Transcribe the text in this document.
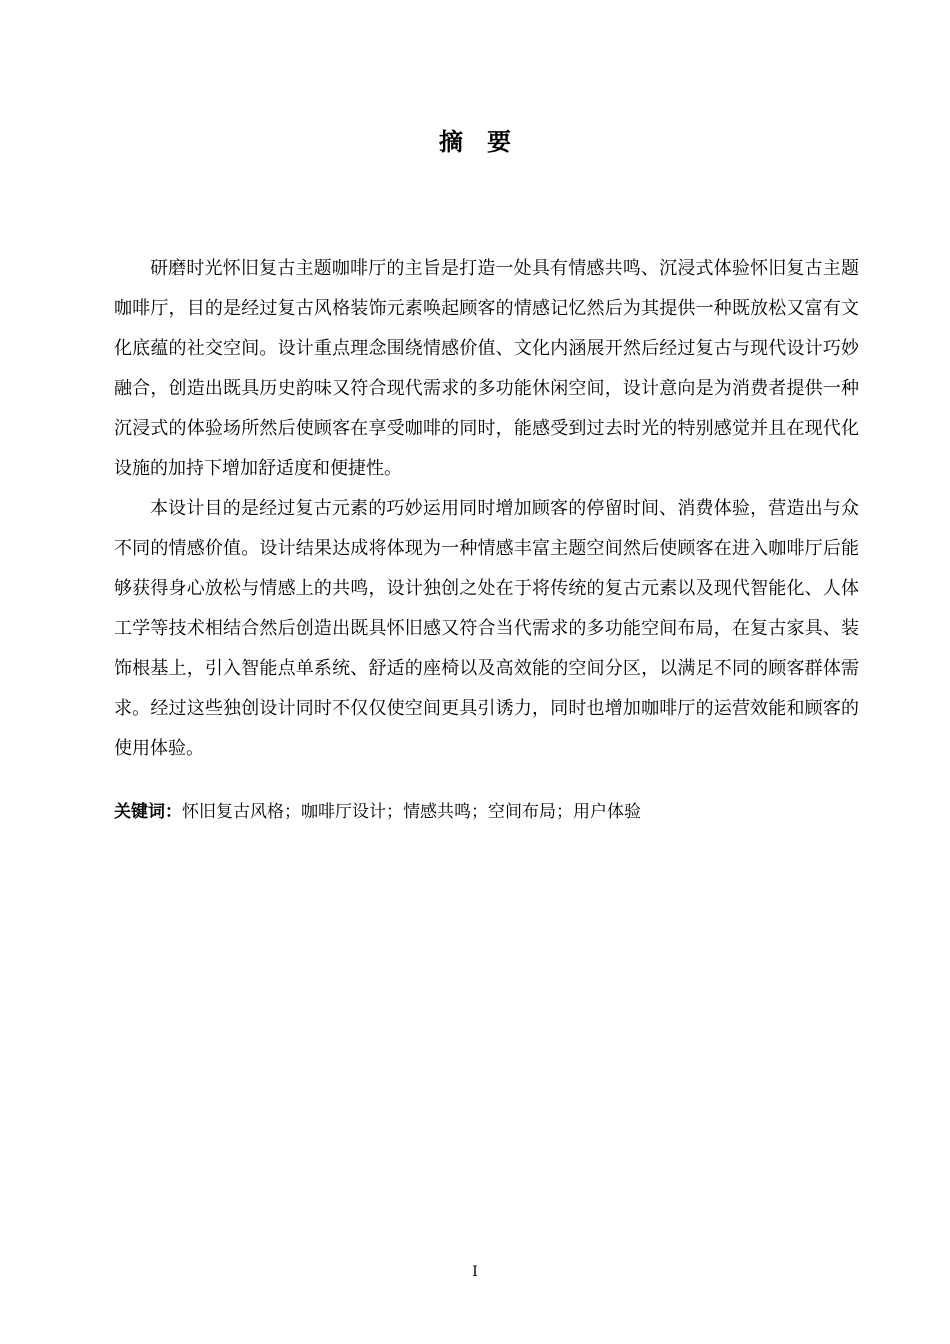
摘要

研磨时光怀旧复古主题咖啡厅的主旨是打造一处具有情感共鸣、沉浸式体验怀旧复古主题咖啡厅，目的是经过复古风格装饰元素唤起顾客的情感记忆然后为其提供一种既放松又富有文化底蕴的社交空间。设计重点理念围绕情感价值、文化内涵展开然后经过复古与现代设计巧妙融合，创造出既具历史韵味又符合现代需求的多功能休闲空间，设计意向是为消费者提供一种沉浸式的体验场所然后使顾客在享受咖啡的同时，能感受到过去时光的特别感觉并且在现代化设施的加持下增加舒适度和便捷性。

本设计目的是经过复古元素的巧妙运用同时增加顾客的停留时间、消费体验，营造出与众不同的情感价值。设计结果达成将体现为一种情感丰富主题空间然后使顾客在进入咖啡厅后能够获得身心放松与情感上的共鸣，设计独创之处在于将传统的复古元素以及现代智能化、人体工学等技术相结合然后创造出既具怀旧感又符合当代需求的多功能空间布局，在复古家具、装饰根基上，引入智能点单系统、舒适的座椅以及高效能的空间分区，以满足不同的顾客群体需求。经过这些独创设计同时不仅仅使空间更具引诱力，同时也增加咖啡厅的运营效能和顾客的使用体验。

关键词：怀旧复古风格；咖啡厅设计；情感共鸣；空间布局；用户体验
I
